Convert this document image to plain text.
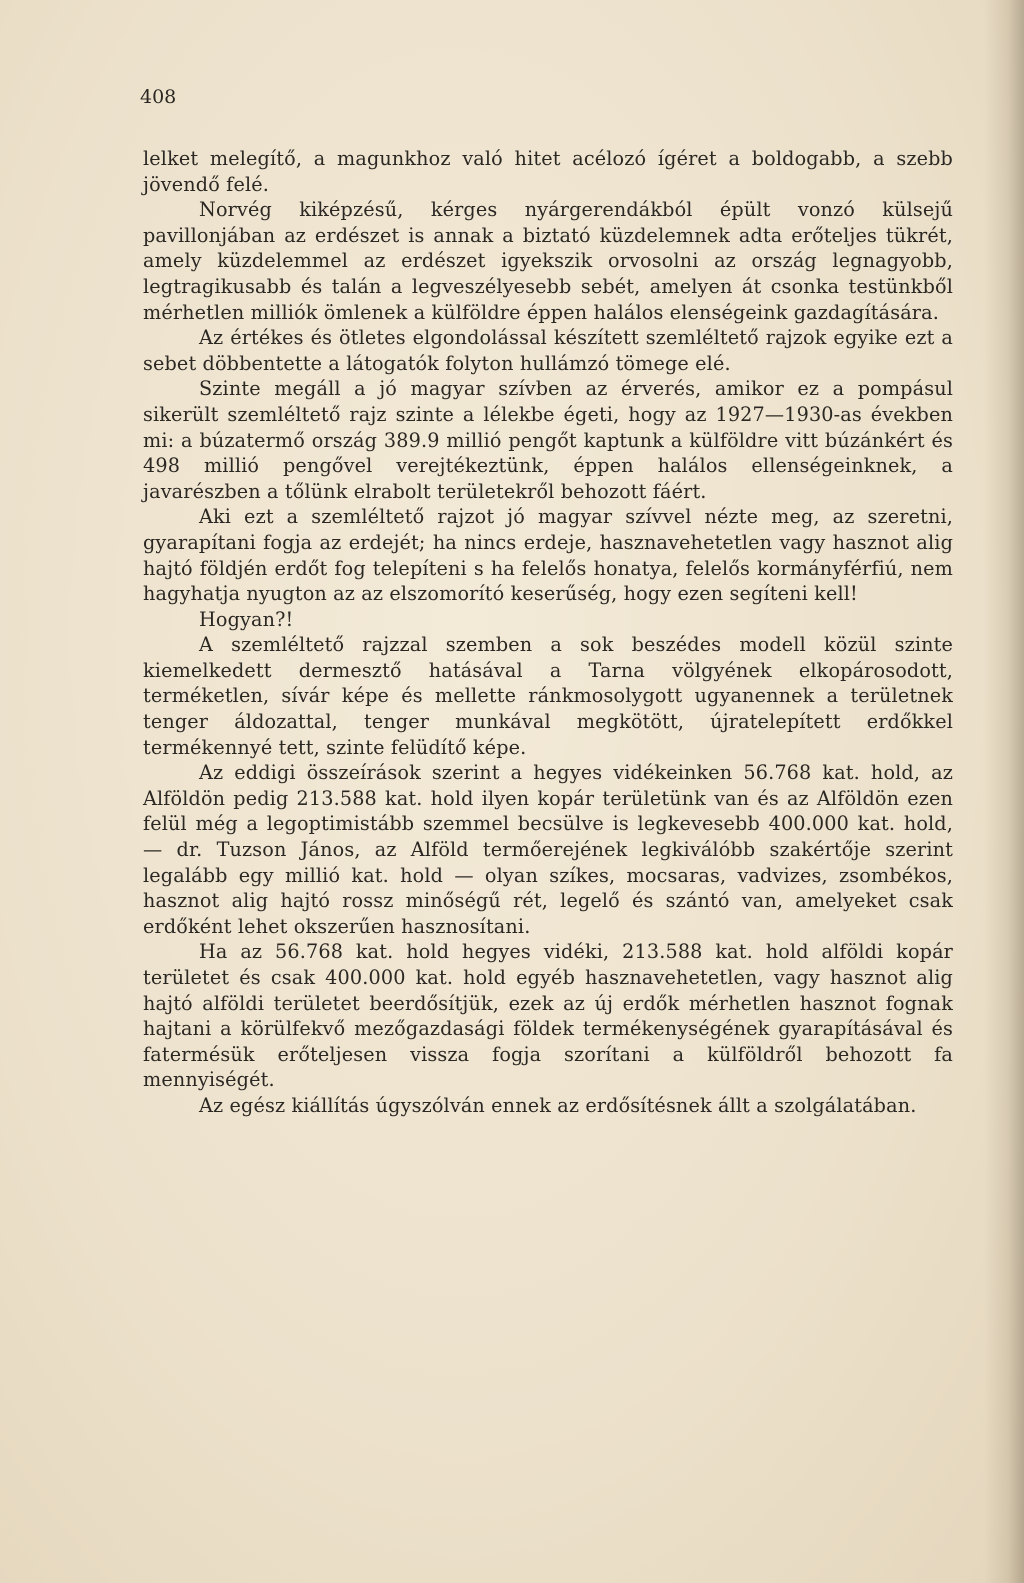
408

lelket melegítő, a magunkhoz való hitet acélozó ígéret a boldogabb, a szebb jövendő felé.

Norvég kiképzésű, kérges nyárgerendákból épült vonzó külsejű pavillonjában az erdészet is annak a biztató küzdelemnek adta erőteljes tükrét, amely küzdelemmel az erdészet igyekszik orvosolni az ország legnagyobb, legtragikusabb és talán a legveszélyesebb sebét, amelyen át csonka testünkből mérhetlen milliók ömlenek a külföldre éppen halálos elenségeink gazdagítására.

Az értékes és ötletes elgondolással készített szemléltető rajzok egyike ezt a sebet döbbentette a látogatók folyton hullámzó tömege elé.

Szinte megáll a jó magyar szívben az érverés, amikor ez a pompásul sikerült szemléltető rajz szinte a lélekbe égeti, hogy az 1927—1930-as években mi: a búzatermő ország 389.9 millió pengőt kaptunk a külföldre vitt búzánkért és 498 millió pengővel verejtékeztünk, éppen halálos ellenségeinknek, a javarészben a tőlünk elrabolt területekről behozott fáért.

Aki ezt a szemléltető rajzot jó magyar szívvel nézte meg, az szeretni, gyarapítani fogja az erdejét; ha nincs erdeje, hasznavehetetlen vagy hasznot alig hajtó földjén erdőt fog telepíteni s ha felelős honatya, felelős kormányférfiú, nem hagyhatja nyugton az az elszomorító keserűség, hogy ezen segíteni kell!

Hogyan?!

A szemléltető rajzzal szemben a sok beszédes modell közül szinte kiemelkedett dermesztő hatásával a Tarna völgyének elkopárosodott, terméketlen, sívár képe és mellette ránkmosolygott ugyanennek a területnek tenger áldozattal, tenger munkával megkötött, újratelepített erdőkkel termékennyé tett, szinte felüdítő képe.

Az eddigi összeírások szerint a hegyes vidékeinken 56.768 kat. hold, az Alföldön pedig 213.588 kat. hold ilyen kopár területünk van és az Alföldön ezen felül még a legoptimistább szemmel becsülve is legkevesebb 400.000 kat. hold, — dr. Tuzson János, az Alföld termőerejének legkiválóbb szakértője szerint legalább egy millió kat. hold — olyan szíkes, mocsaras, vadvizes, zsombékos, hasznot alig hajtó rossz minőségű rét, legelő és szántó van, amelyeket csak erdőként lehet okszerűen hasznosítani.

Ha az 56.768 kat. hold hegyes vidéki, 213.588 kat. hold alföldi kopár területet és csak 400.000 kat. hold egyéb hasznavehetetlen, vagy hasznot alig hajtó alföldi területet beerdősítjük, ezek az új erdők mérhetlen hasznot fognak hajtani a körülfekvő mezőgazdasági földek termékenységének gyarapításával és fatermésük erőteljesen vissza fogja szorítani a külföldről behozott fa mennyiségét.

Az egész kiállítás úgyszólván ennek az erdősítésnek állt a szolgálatában.
